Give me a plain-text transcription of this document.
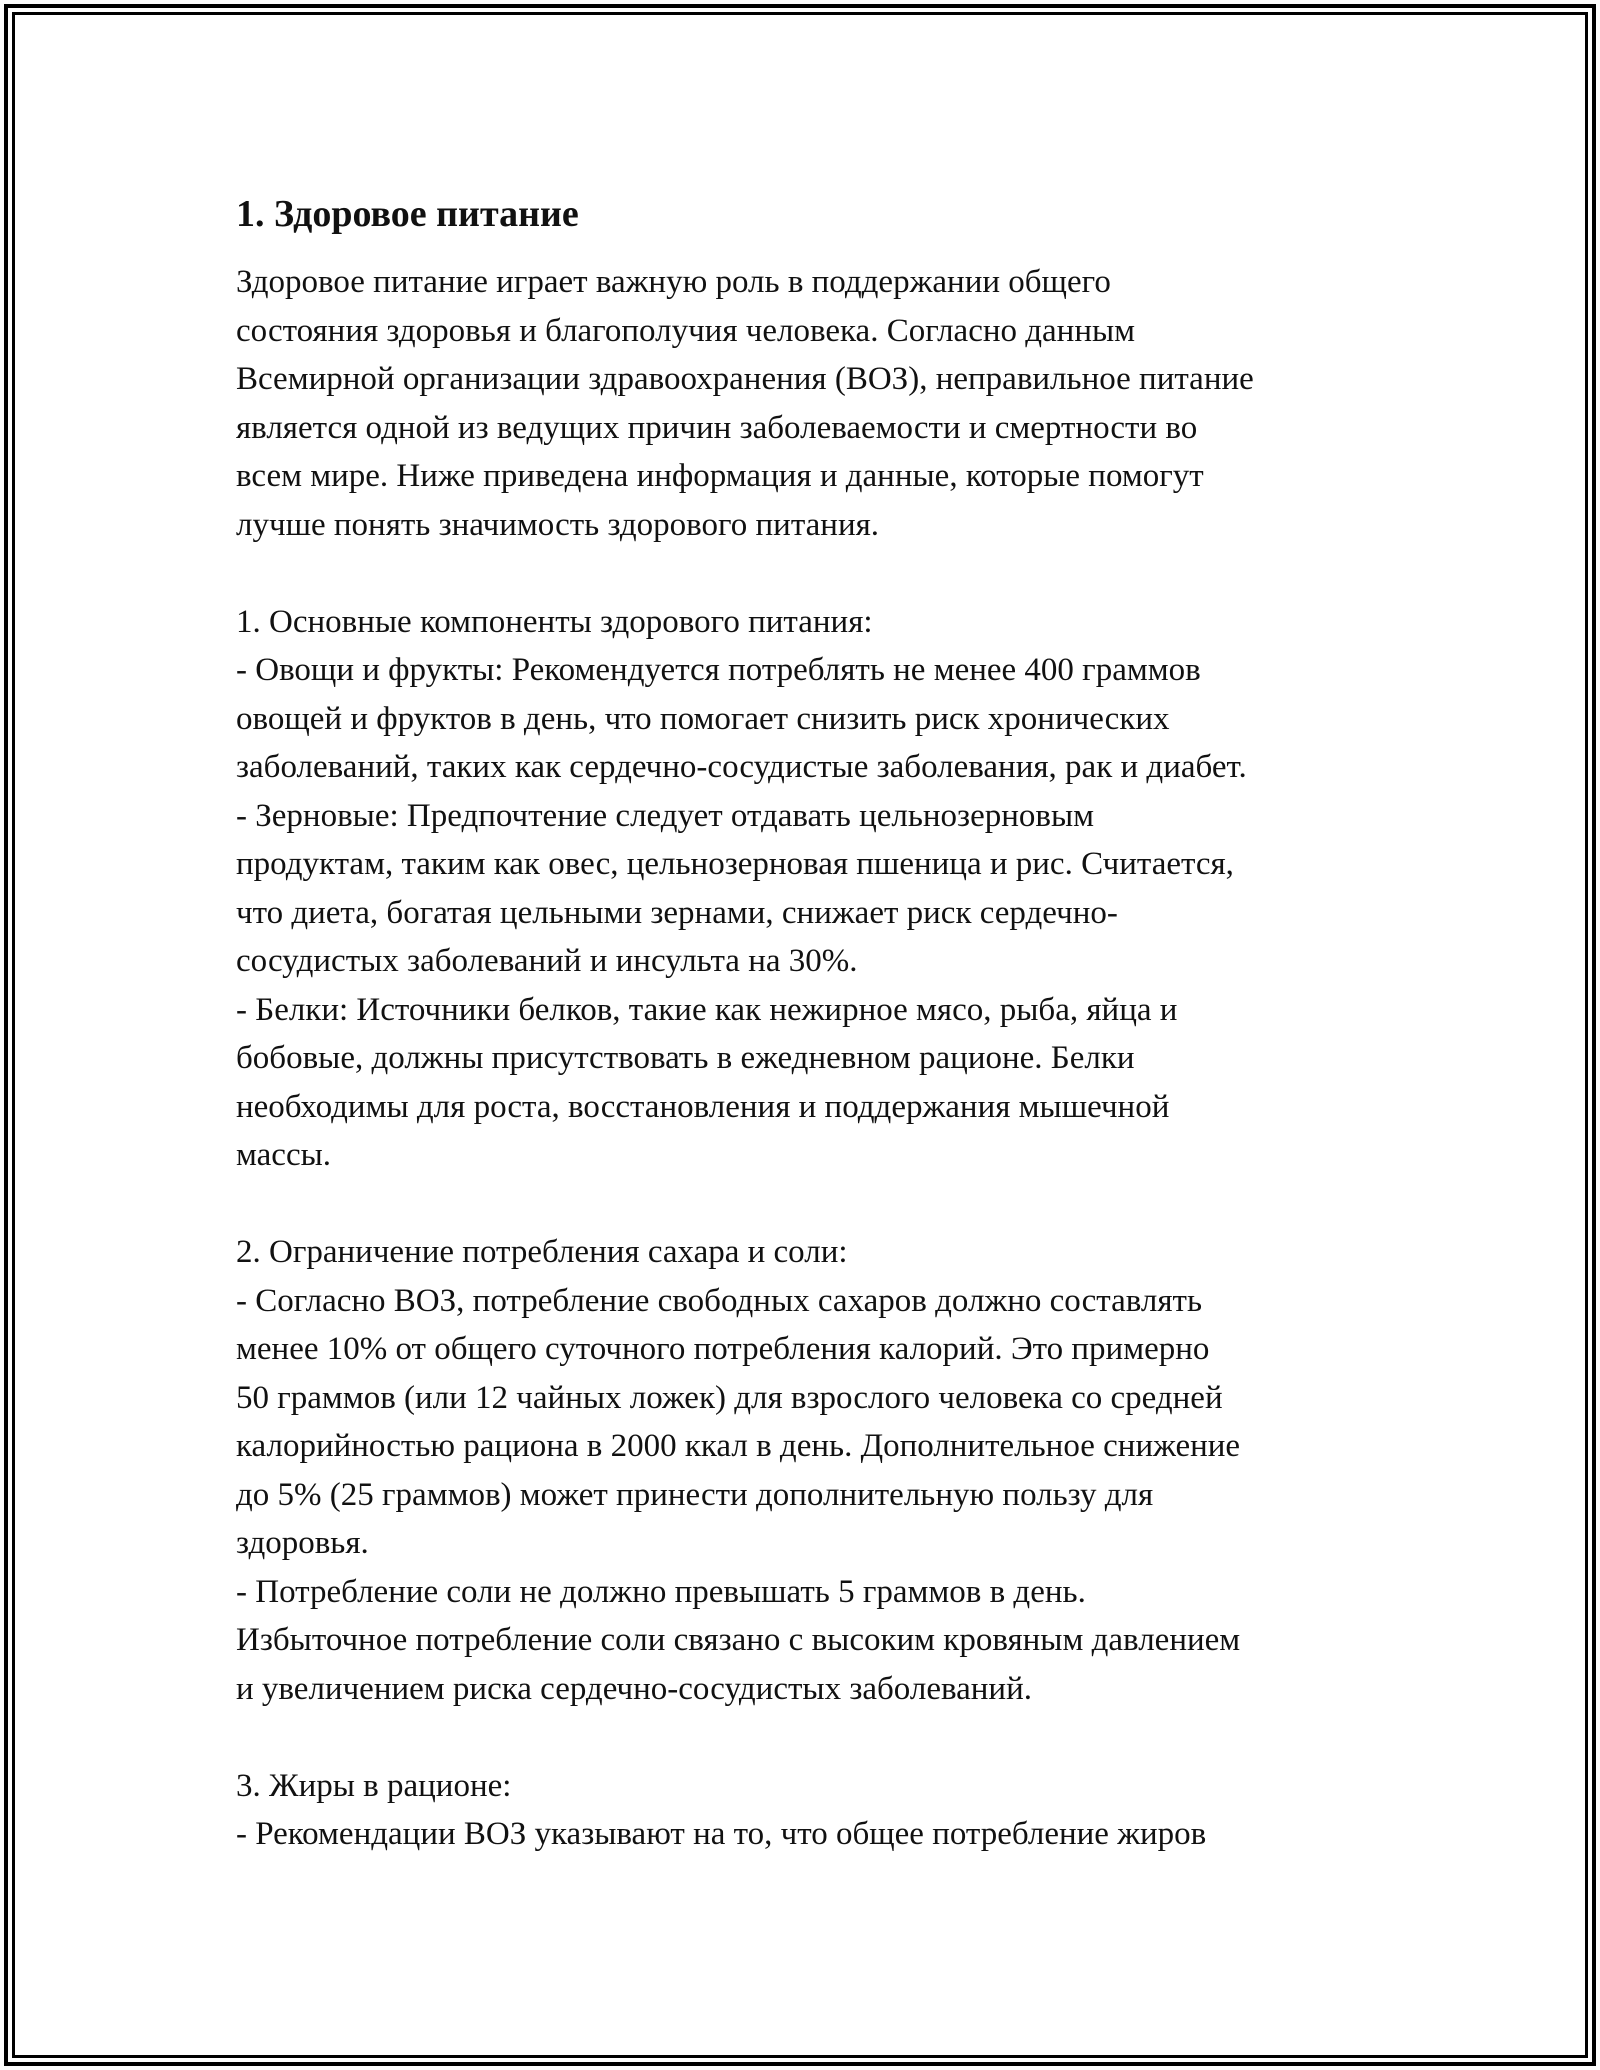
1. Здоровое питание

Здоровое питание играет важную роль в поддержании общего
состояния здоровья и благополучия человека. Согласно данным
Всемирной организации здравоохранения (ВОЗ), неправильное питание
является одной из ведущих причин заболеваемости и смертности во
всем мире. Ниже приведена информация и данные, которые помогут
лучше понять значимость здорового питания.

1. Основные компоненты здорового питания:
- Овощи и фрукты: Рекомендуется потреблять не менее 400 граммов
овощей и фруктов в день, что помогает снизить риск хронических
заболеваний, таких как сердечно-сосудистые заболевания, рак и диабет.
- Зерновые: Предпочтение следует отдавать цельнозерновым
продуктам, таким как овес, цельнозерновая пшеница и рис. Считается,
что диета, богатая цельными зернами, снижает риск сердечно-
сосудистых заболеваний и инсульта на 30%.
- Белки: Источники белков, такие как нежирное мясо, рыба, яйца и
бобовые, должны присутствовать в ежедневном рационе. Белки
необходимы для роста, восстановления и поддержания мышечной
массы.

2. Ограничение потребления сахара и соли:
- Согласно ВОЗ, потребление свободных сахаров должно составлять
менее 10% от общего суточного потребления калорий. Это примерно
50 граммов (или 12 чайных ложек) для взрослого человека со средней
калорийностью рациона в 2000 ккал в день. Дополнительное снижение
до 5% (25 граммов) может принести дополнительную пользу для
здоровья.
- Потребление соли не должно превышать 5 граммов в день.
Избыточное потребление соли связано с высоким кровяным давлением
и увеличением риска сердечно-сосудистых заболеваний.

3. Жиры в рационе:
- Рекомендации ВОЗ указывают на то, что общее потребление жиров
